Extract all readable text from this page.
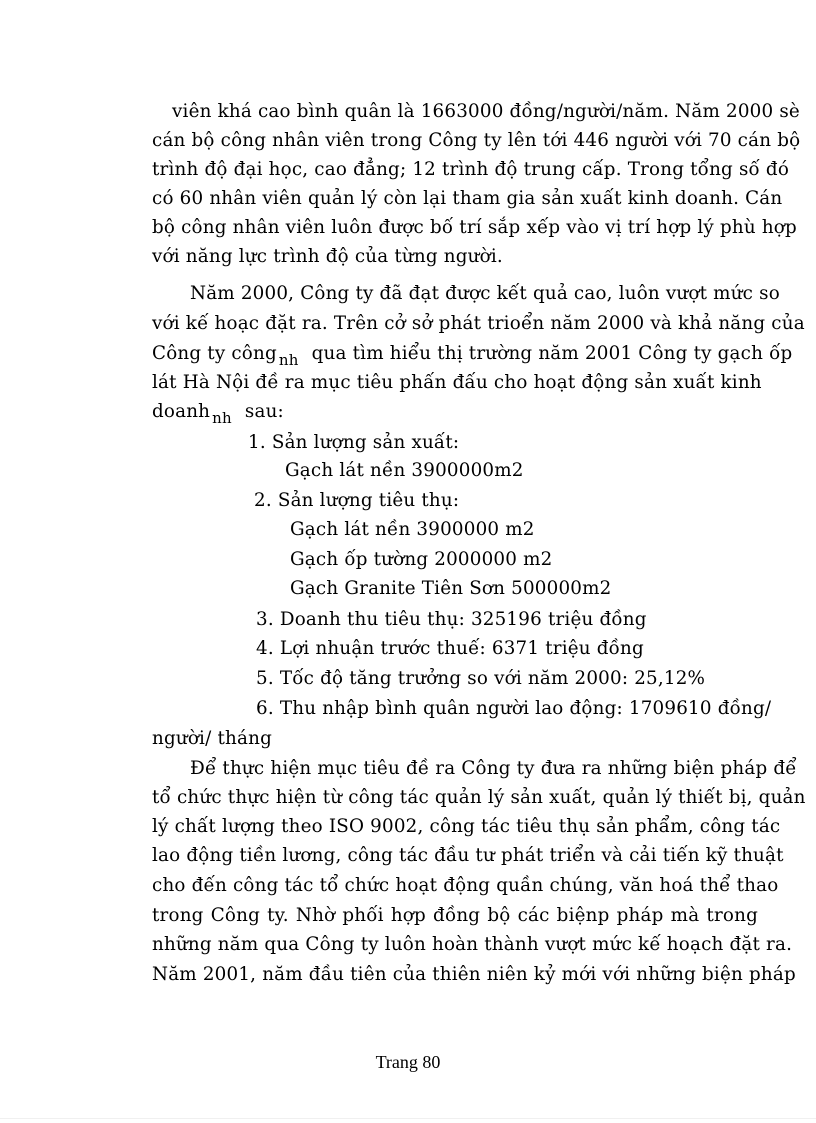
viên khá cao bình quân là 1663000 đồng/người/năm. Năm 2000 sè
cán bộ công nhân viên trong Công ty lên tới 446 người với 70 cán bộ
trình độ đại học, cao đẳng; 12 trình độ trung cấp. Trong tổng số đó
có 60 nhân viên quản lý còn lại tham gia sản xuất kinh doanh. Cán
bộ công nhân viên luôn được bố trí sắp xếp vào vị trí hợp lý phù hợp
với năng lực trình độ của từng người.
Năm 2000, Công ty đã đạt được kết quả cao, luôn vượt mức so
với kế hoạc đặt ra. Trên cở sở phát trioển năm 2000 và khả năng của
Công ty công $_{nh}$ qua tìm hiểu thị trường năm 2001 Công ty gạch ốp
lát Hà Nội đề ra mục tiêu phấn đấu cho hoạt động sản xuất kinh
doanh $_{nh}$ sau:
1. Sản lượng sản xuất:
Gạch lát nền 3900000m2
2. Sản lượng tiêu thụ:
Gạch lát nền 3900000 m2
Gạch ốp tường 2000000 m2
Gạch Granite Tiên Sơn 500000m2
3. Doanh thu tiêu thụ: 325196 triệu đồng
4. Lợi nhuận trước thuế: 6371 triệu đồng
5. Tốc độ tăng trưởng so với năm 2000: 25,12%
6. Thu nhập bình quân người lao động: 1709610 đồng/
người/ tháng
Để thực hiện mục tiêu đề ra Công ty đưa ra những biện pháp để
tổ chức thực hiện từ công tác quản lý sản xuất, quản lý thiết bị, quản
lý chất lượng theo ISO 9002, công tác tiêu thụ sản phẩm, công tác
lao động tiền lương, công tác đầu tư phát triển và cải tiến kỹ thuật
cho đến công tác tổ chức hoạt động quần chúng, văn hoá thể thao
trong Công ty. Nhờ phối hợp đồng bộ các biệnp pháp mà trong
những năm qua Công ty luôn hoàn thành vượt mức kế hoạch đặt ra.
Năm 2001, năm đầu tiên của thiên niên kỷ mới với những biện pháp
Trang 80
